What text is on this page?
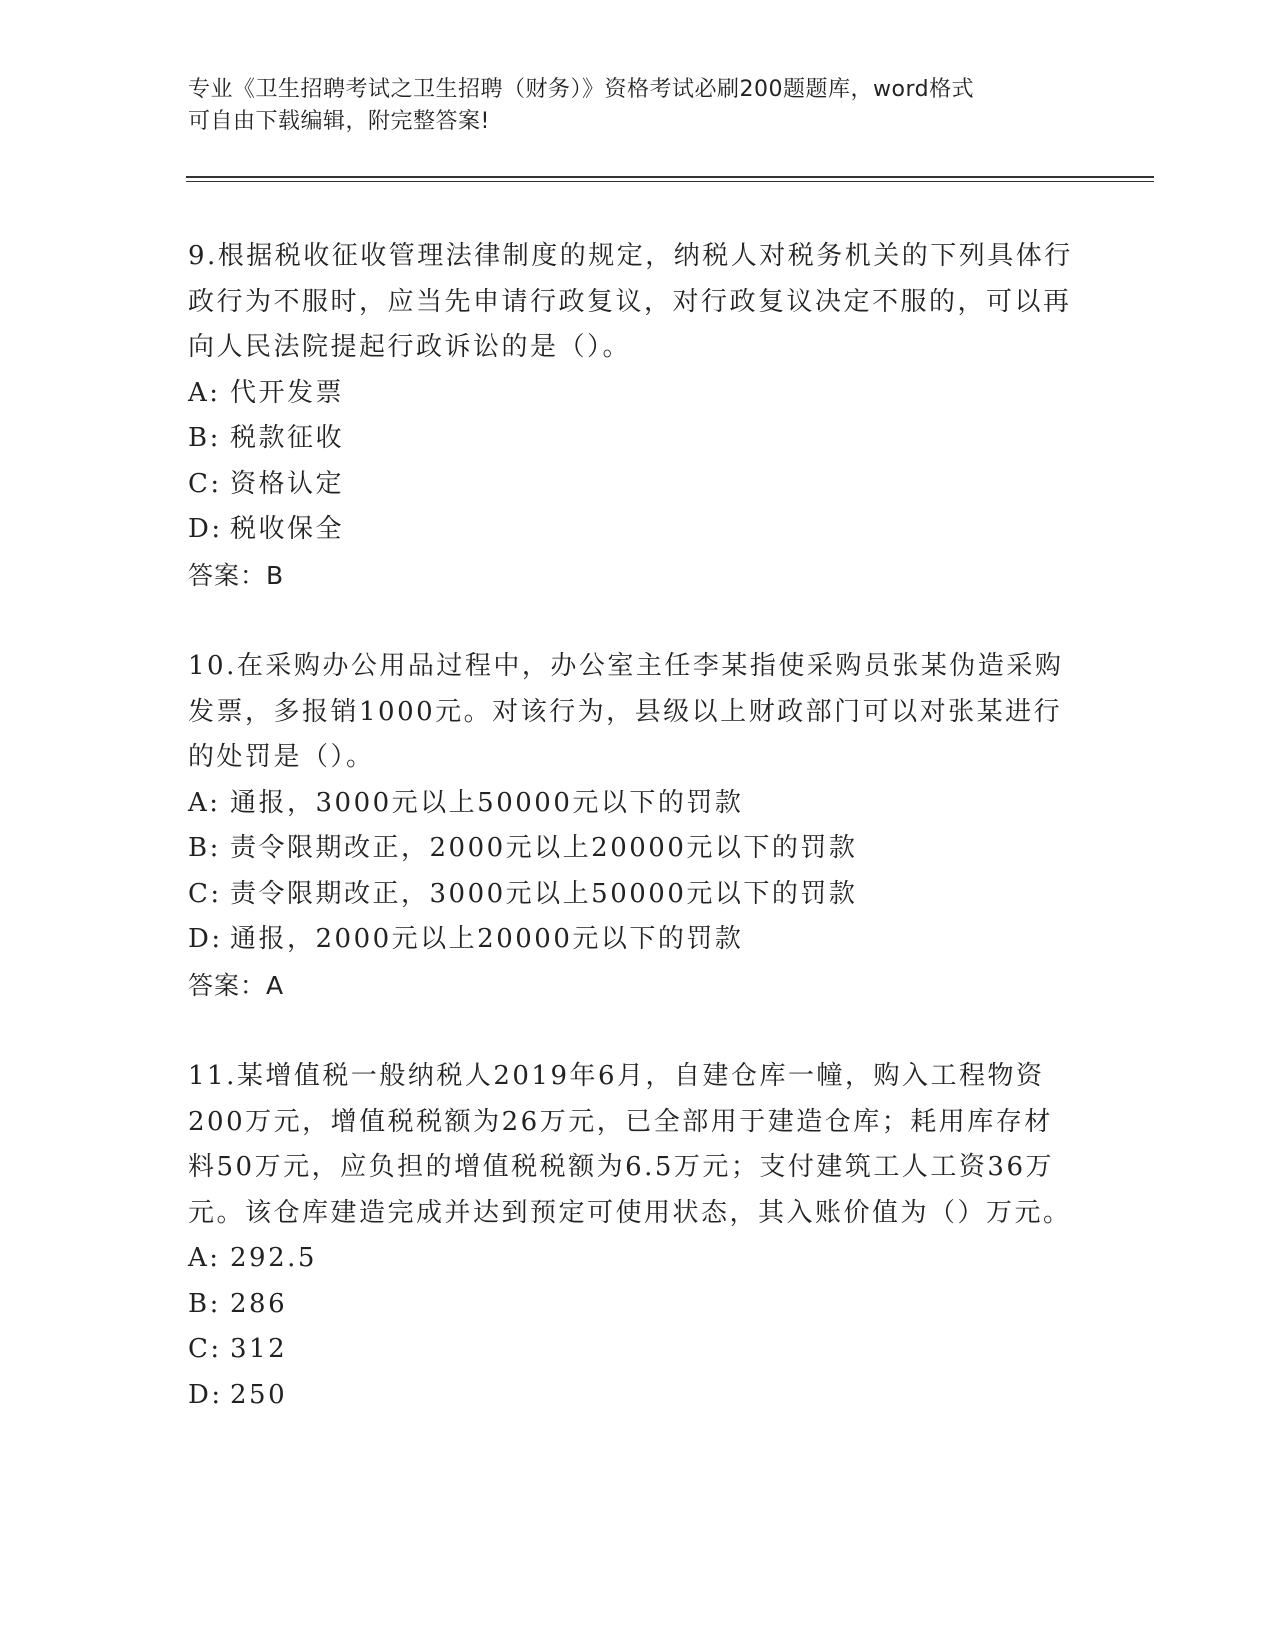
专业《卫生招聘考试之卫生招聘（财务）》资格考试必刷200题题库，word格式
可自由下载编辑，附完整答案!

9.根据税收征收管理法律制度的规定，纳税人对税务机关的下列具体行政行为不服时，应当先申请行政复议，对行政复议决定不服的，可以再向人民法院提起行政诉讼的是（）。

A: 代开发票

B: 税款征收

C: 资格认定

D: 税收保全

答案：B

10.在采购办公用品过程中，办公室主任李某指使采购员张某伪造采购发票，多报销1000元。对该行为，县级以上财政部门可以对张某进行的处罚是（）。

A: 通报，3000元以上50000元以下的罚款

B: 责令限期改正，2000元以上20000元以下的罚款

C: 责令限期改正，3000元以上50000元以下的罚款

D: 通报，2000元以上20000元以下的罚款

答案：A

11.某增值税一般纳税人2019年6月，自建仓库一幢，购入工程物资200万元，增值税税额为26万元，已全部用于建造仓库；耗用库存材料50万元，应负担的增值税税额为6.5万元；支付建筑工人工资36万元。该仓库建造完成并达到预定可使用状态，其入账价值为（）万元。

A: 292.5

B: 286

C: 312

D: 250
